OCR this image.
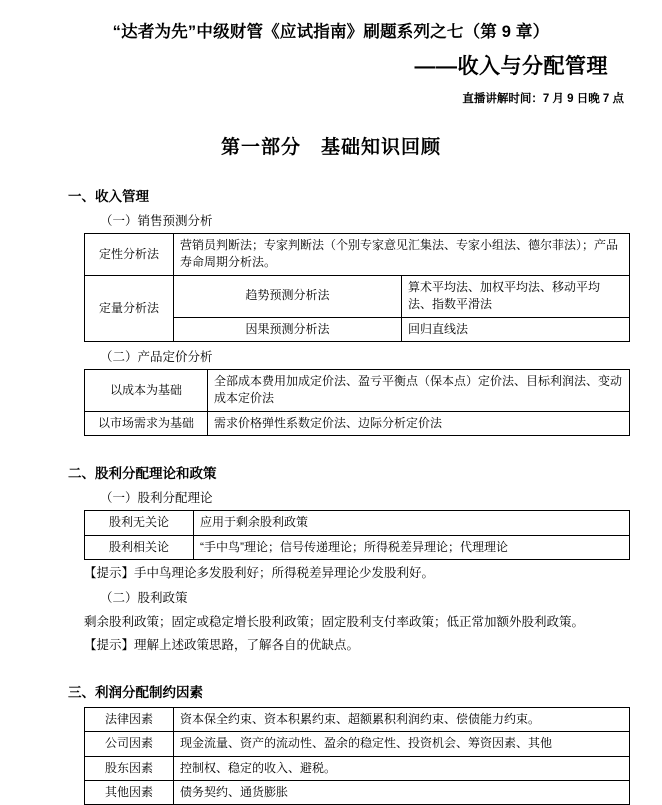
“达者为先”中级财管《应试指南》刷题系列之七（第 9 章）
——收入与分配管理
直播讲解时间：7 月 9 日晚 7 点
第一部分　基础知识回顾
一、收入管理
（一）销售预测分析
定性分析法	营销员判断法；专家判断法（个别专家意见汇集法、专家小组法、德尔菲法）；产品寿命周期分析法。	
定量分析法	趋势预测分析法	算术平均法、加权平均法、移动平均法、指数平滑法
	因果预测分析法	回归直线法
（二）产品定价分析
以成本为基础	全部成本费用加成定价法、盈亏平衡点（保本点）定价法、目标利润法、变动成本定价法
以市场需求为基础	需求价格弹性系数定价法、边际分析定价法
二、股利分配理论和政策
（一）股利分配理论
股利无关论	应用于剩余股利政策
股利相关论	“手中鸟”理论；信号传递理论；所得税差异理论；代理理论
【提示】手中鸟理论多发股利好；所得税差异理论少发股利好。
（二）股利政策
剩余股利政策；固定或稳定增长股利政策；固定股利支付率政策；低正常加额外股利政策。
【提示】理解上述政策思路，了解各自的优缺点。
三、利润分配制约因素
法律因素	资本保全约束、资本积累约束、超额累积利润约束、偿债能力约束。
公司因素	现金流量、资产的流动性、盈余的稳定性、投资机会、筹资因素、其他
股东因素	控制权、稳定的收入、避税。
其他因素	债务契约、通货膨胀
